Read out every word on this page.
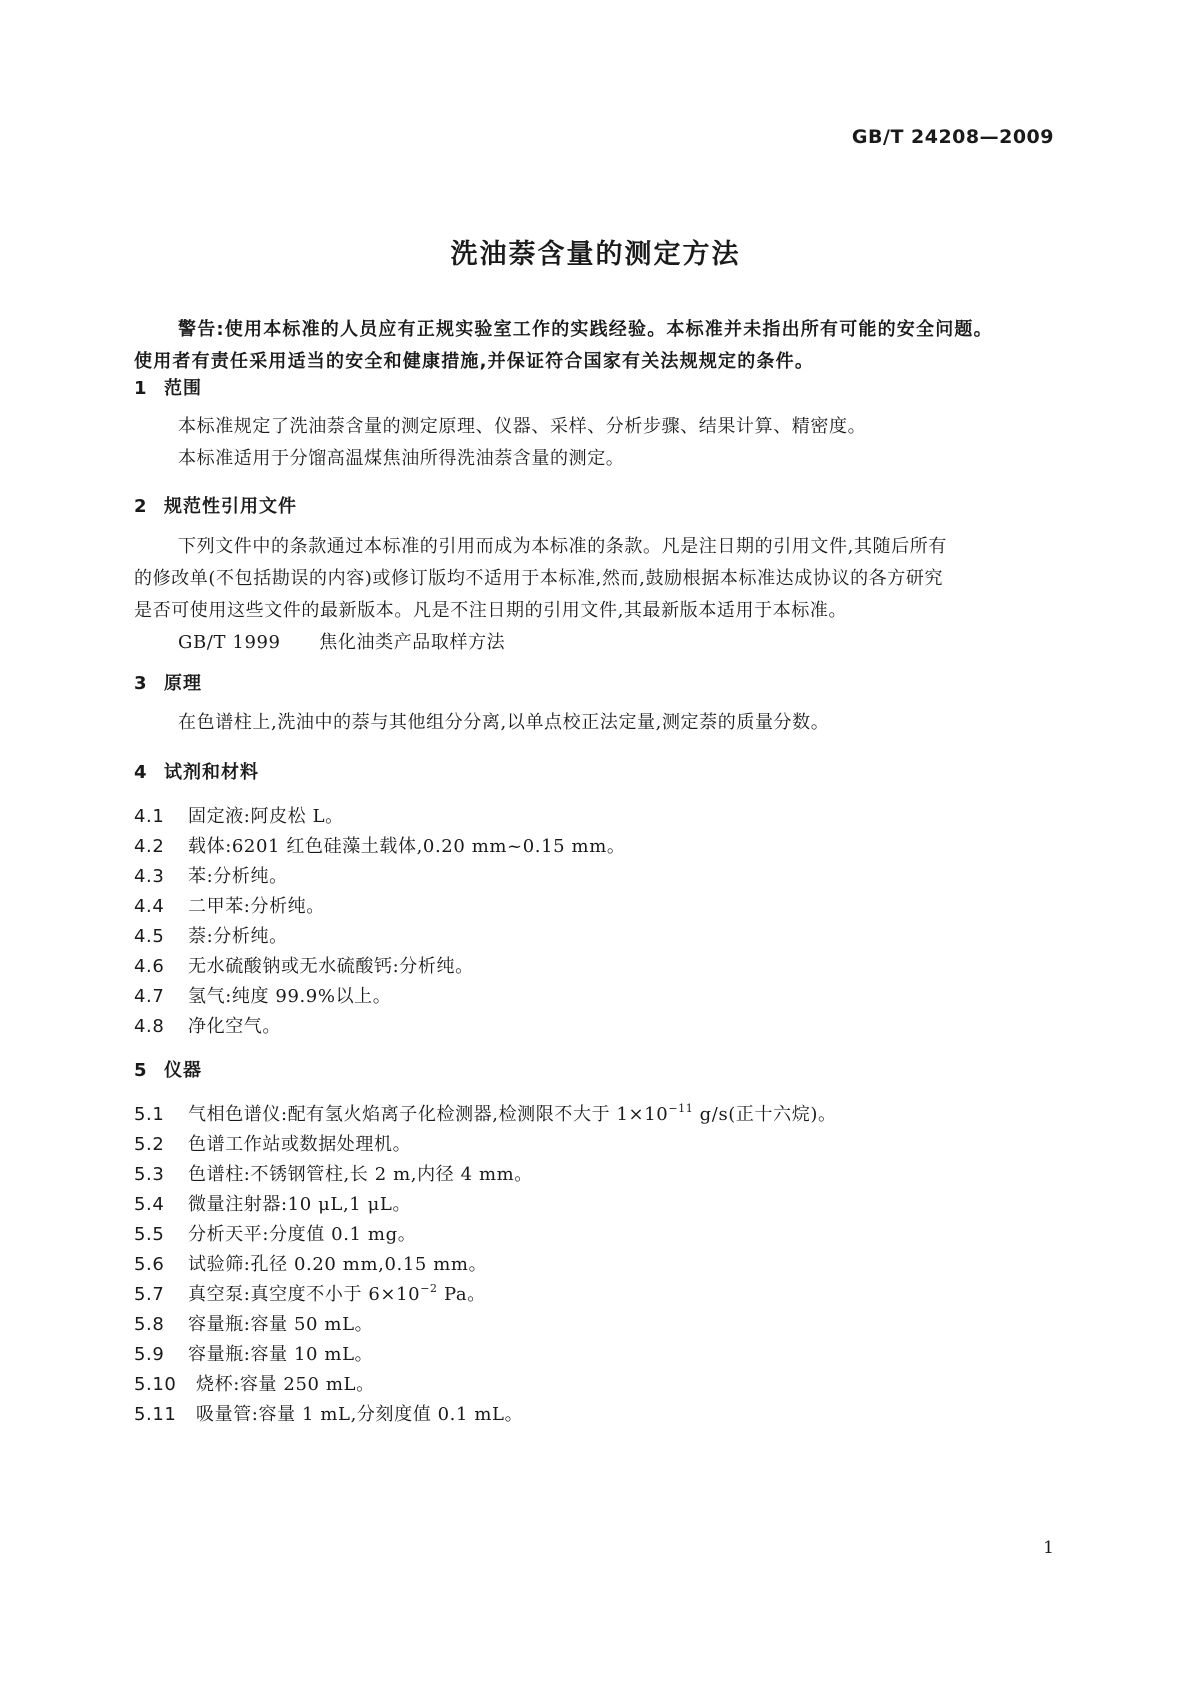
GB/T 24208—2009
洗油萘含量的测定方法
警告:使用本标准的人员应有正规实验室工作的实践经验。本标准并未指出所有可能的安全问题。
使用者有责任采用适当的安全和健康措施,并保证符合国家有关法规规定的条件。
1 范围
本标准规定了洗油萘含量的测定原理、仪器、采样、分析步骤、结果计算、精密度。
本标准适用于分馏高温煤焦油所得洗油萘含量的测定。
2 规范性引用文件
下列文件中的条款通过本标准的引用而成为本标准的条款。凡是注日期的引用文件,其随后所有
的修改单(不包括勘误的内容)或修订版均不适用于本标准,然而,鼓励根据本标准达成协议的各方研究
是否可使用这些文件的最新版本。凡是不注日期的引用文件,其最新版本适用于本标准。
GB/T 1999 焦化油类产品取样方法
3 原理
在色谱柱上,洗油中的萘与其他组分分离,以单点校正法定量,测定萘的质量分数。
4 试剂和材料
4.1 固定液:阿皮松 L。
4.2 载体:6201 红色硅藻土载体,0.20 mm~0.15 mm。
4.3 苯:分析纯。
4.4 二甲苯:分析纯。
4.5 萘:分析纯。
4.6 无水硫酸钠或无水硫酸钙:分析纯。
4.7 氢气:纯度 99.9%以上。
4.8 净化空气。
5 仪器
5.1 气相色谱仪:配有氢火焰离子化检测器,检测限不大于 $1\times 10^{-11}$ g/s(正十六烷)。
5.2 色谱工作站或数据处理机。
5.3 色谱柱:不锈钢管柱,长 2 m,内径 4 mm。
5.4 微量注射器:10 μL,1 μL。
5.5 分析天平:分度值 0.1 mg。
5.6 试验筛:孔径 0.20 mm,0.15 mm。
5.7 真空泵:真空度不小于 $6\times 10^{-2}$ Pa。
5.8 容量瓶:容量 50 mL。
5.9 容量瓶:容量 10 mL。
5.10 烧杯:容量 250 mL。
5.11 吸量管:容量 1 mL,分刻度值 0.1 mL。
1
